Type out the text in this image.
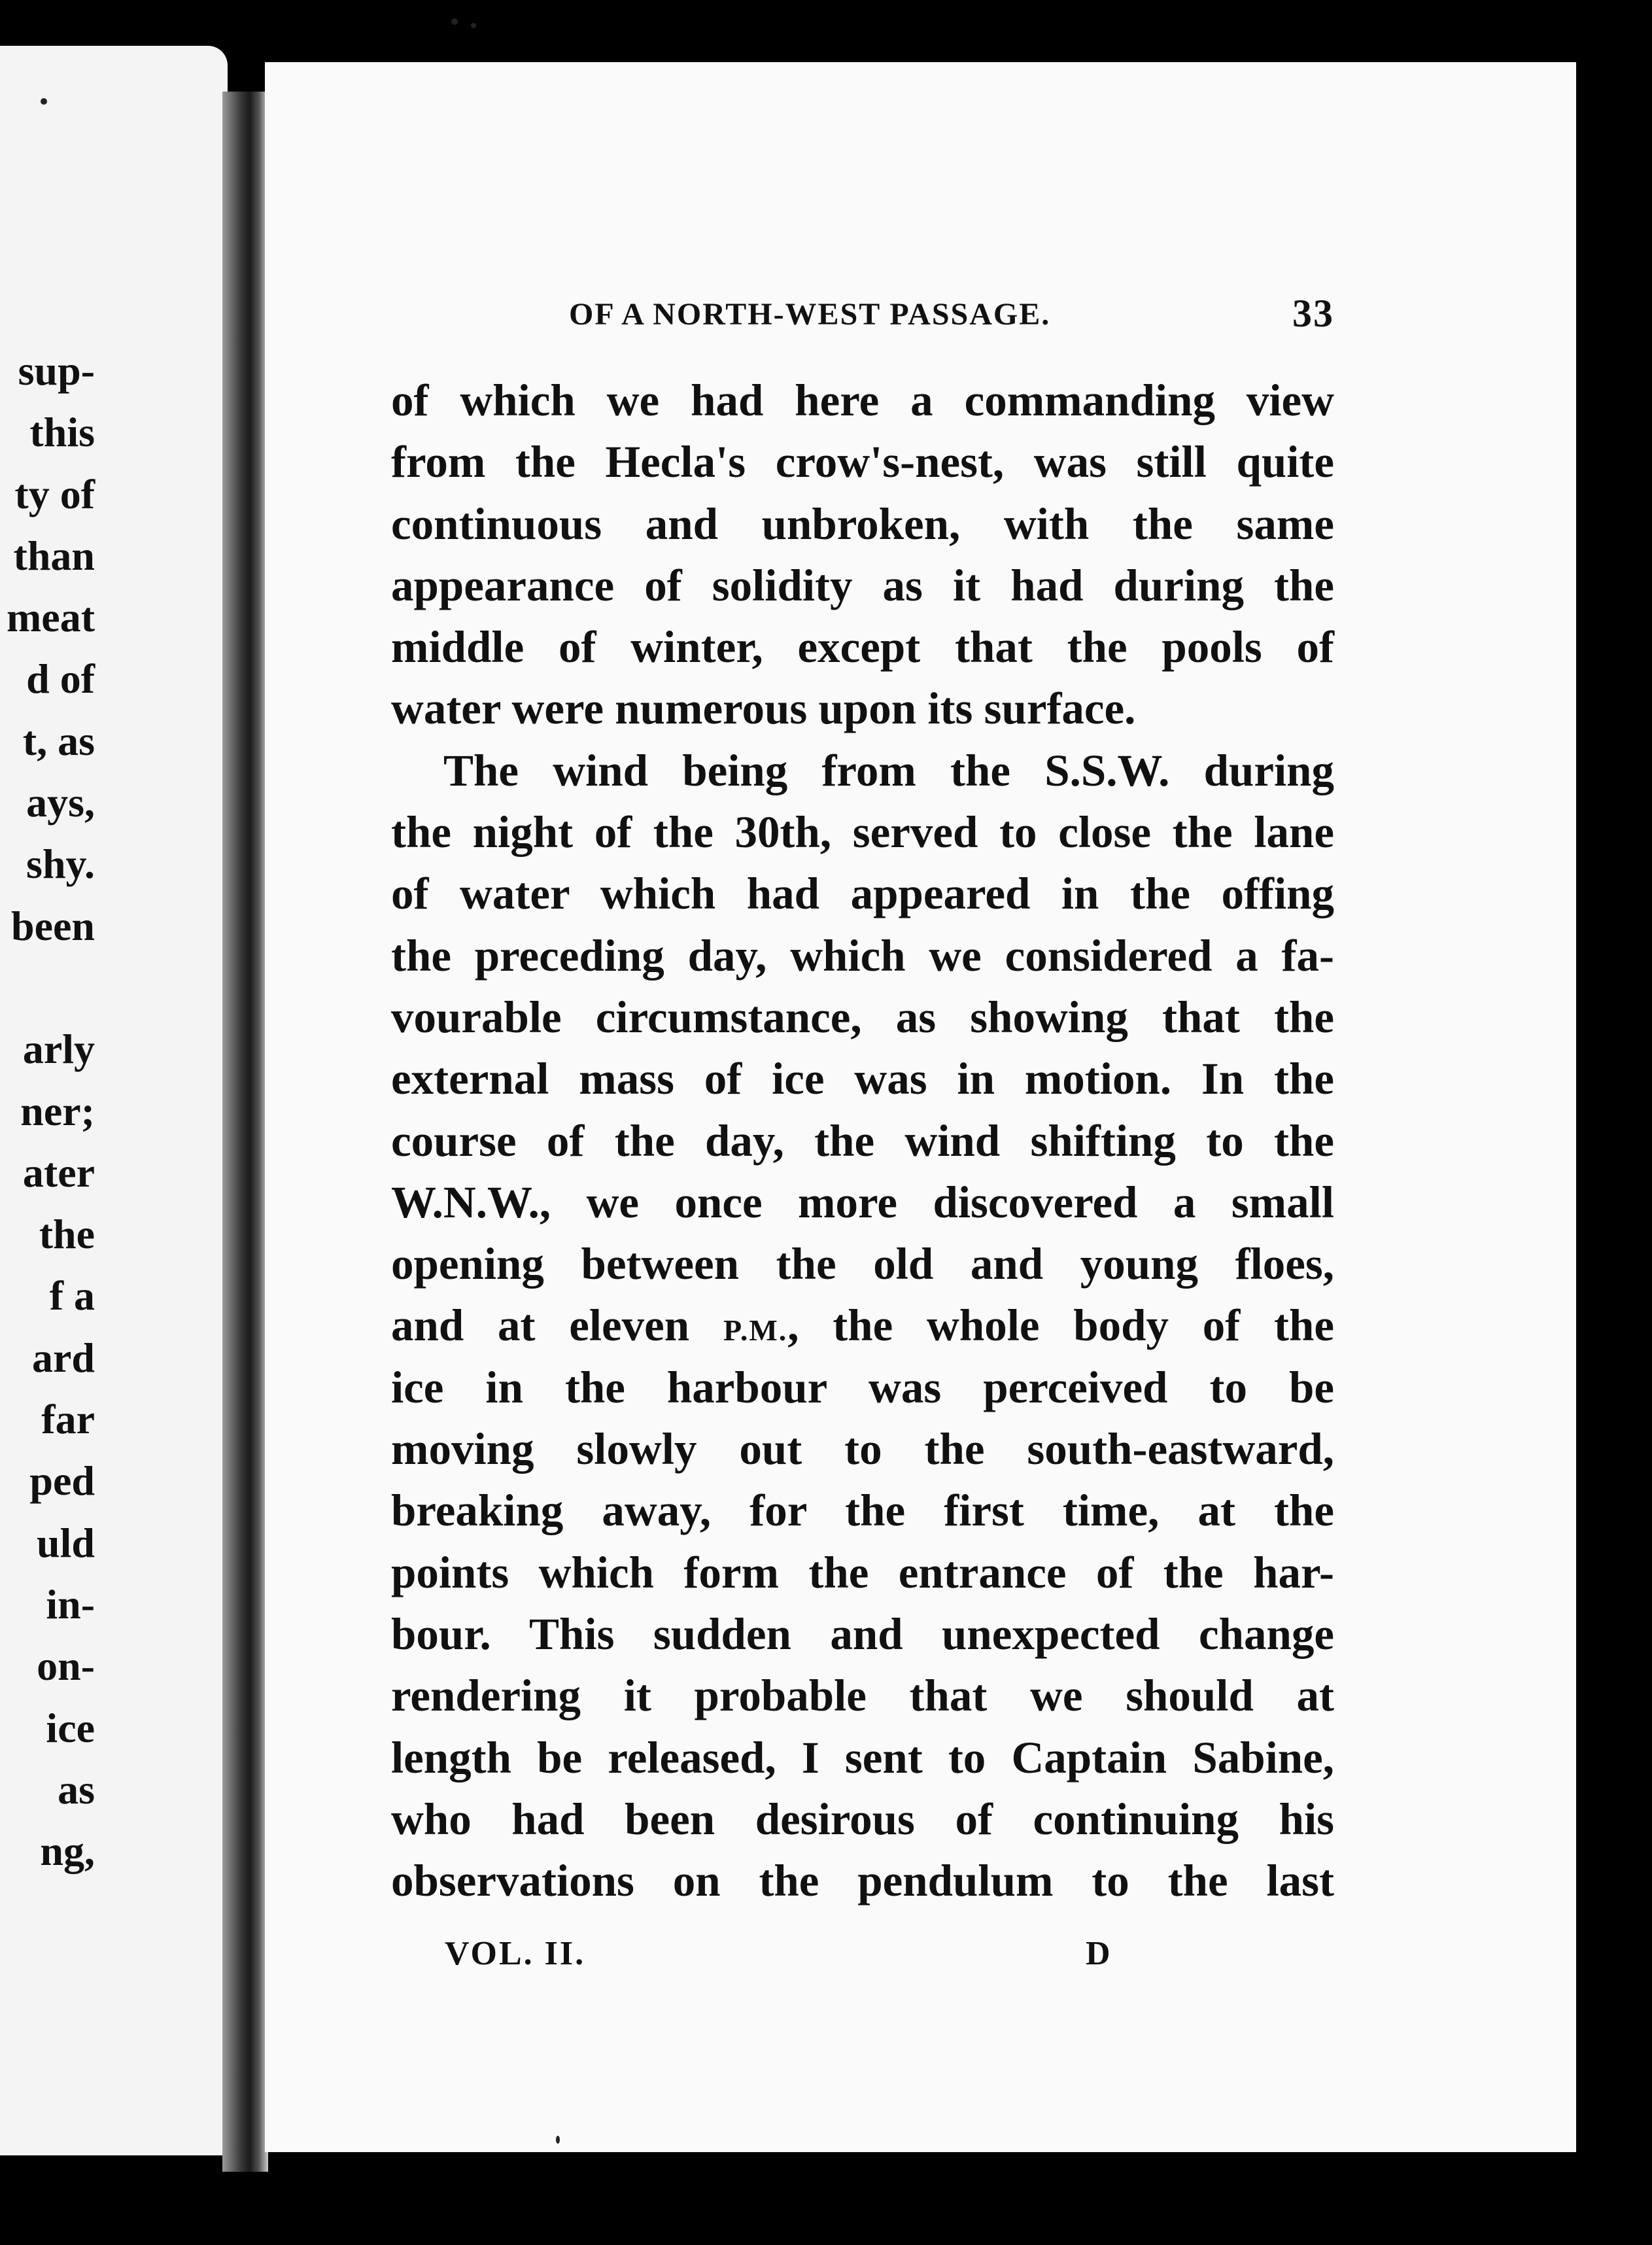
sup-
this
ty of
than
meat
d of
t, as
ays,
shy.
been

arly
ner;
ater
the
f a
ard
far
ped
uld
in-
on-
ice
as
ng,
OF A NORTH-WEST PASSAGE.	33
of which we had here a commanding view
from the Hecla's crow's-nest, was still quite
continuous and unbroken, with the same
appearance of solidity as it had during the
middle of winter, except that the pools of
water were numerous upon its surface.
The wind being from the S.S.W. during
the night of the 30th, served to close the lane
of water which had appeared in the offing
the preceding day, which we considered a fa-
vourable circumstance, as showing that the
external mass of ice was in motion. In the
course of the day, the wind shifting to the
W.N.W., we once more discovered a small
opening between the old and young floes,
and at eleven P.M., the whole body of the
ice in the harbour was perceived to be
moving slowly out to the south-eastward,
breaking away, for the first time, at the
points which form the entrance of the har-
bour. This sudden and unexpected change
rendering it probable that we should at
length be released, I sent to Captain Sabine,
who had been desirous of continuing his
observations on the pendulum to the last
VOL. II.	D
